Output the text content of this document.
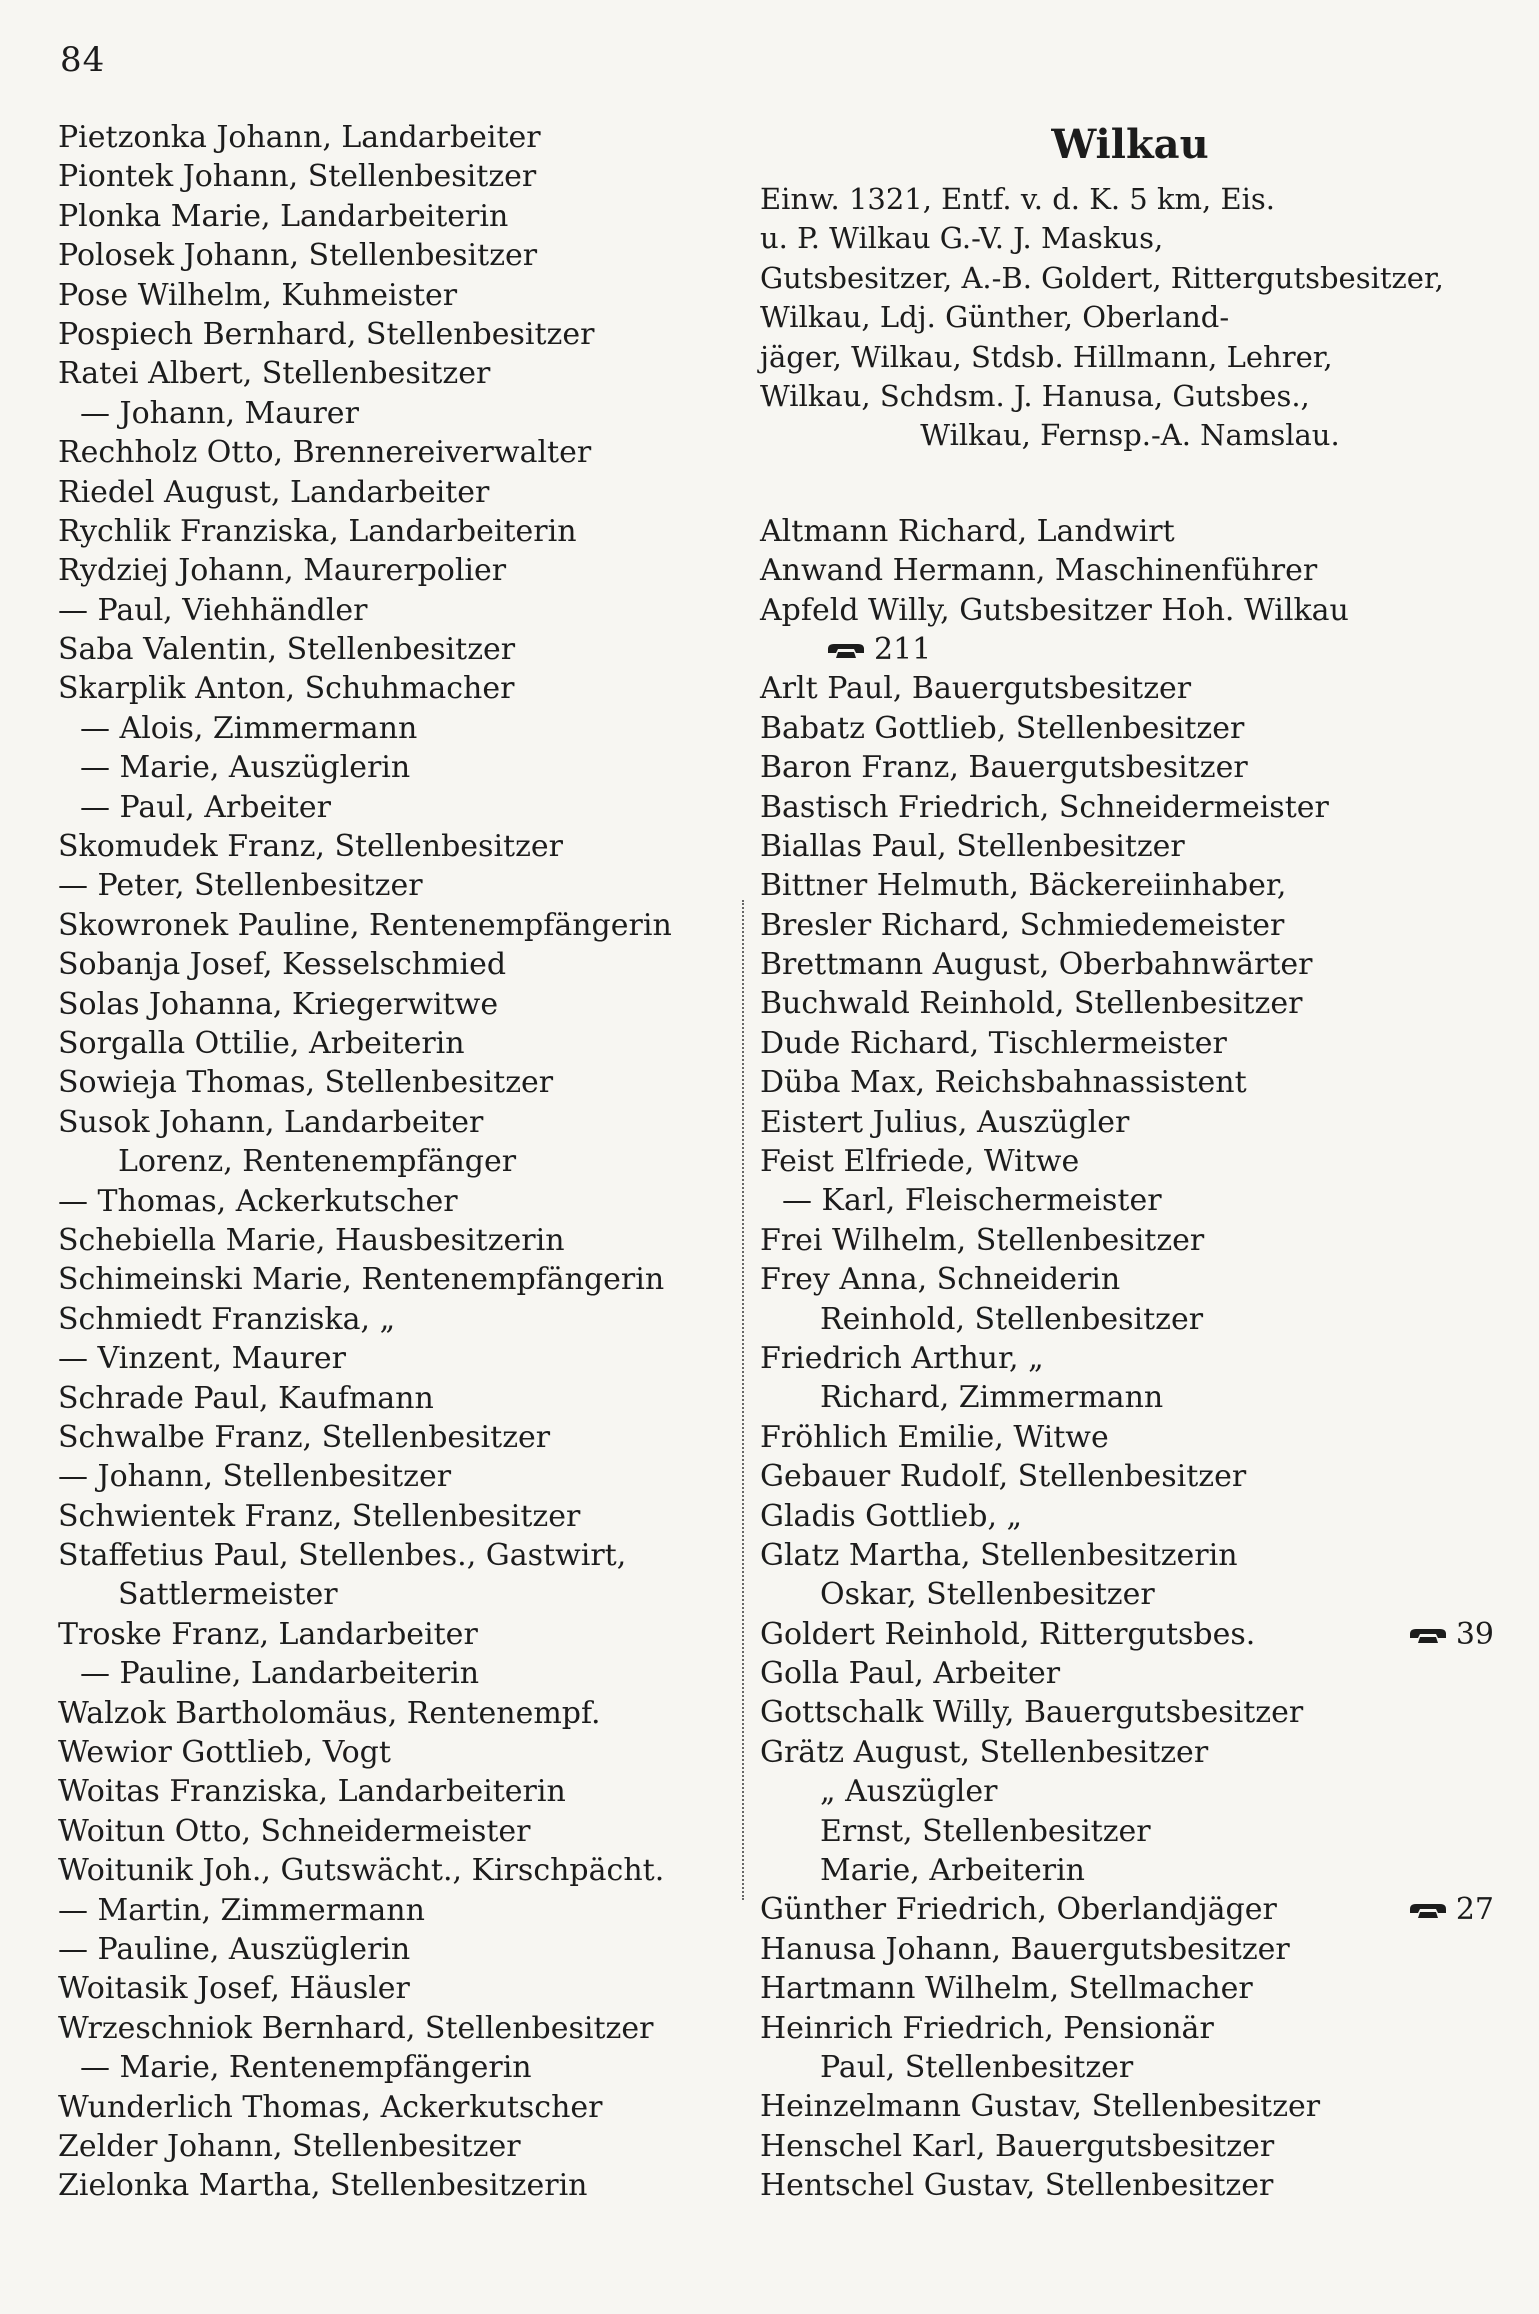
84
Pietzonka Johann, Landarbeiter
Piontek Johann, Stellenbesitzer
Plonka Marie, Landarbeiterin
Polosek Johann, Stellenbesitzer
Pose Wilhelm, Kuhmeister
Pospiech Bernhard, Stellenbesitzer
Ratei Albert, Stellenbesitzer
— Johann, Maurer
Rechholz Otto, Brennereiverwalter
Riedel August, Landarbeiter
Rychlik Franziska, Landarbeiterin
Rydziej Johann, Maurerpolier
— Paul, Viehhändler
Saba Valentin, Stellenbesitzer
Skarplik Anton, Schuhmacher
— Alois, Zimmermann
— Marie, Auszüglerin
— Paul, Arbeiter
Skomudek Franz, Stellenbesitzer
— Peter, Stellenbesitzer
Skowronek Pauline, Rentenempfängerin
Sobanja Josef, Kesselschmied
Solas Johanna, Kriegerwitwe
Sorgalla Ottilie, Arbeiterin
Sowieja Thomas, Stellenbesitzer
Susok Johann, Landarbeiter
Lorenz, Rentenempfänger
— Thomas, Ackerkutscher
Schebiella Marie, Hausbesitzerin
Schimeinski Marie, Rentenempfängerin
Schmiedt Franziska, „
— Vinzent, Maurer
Schrade Paul, Kaufmann
Schwalbe Franz, Stellenbesitzer
— Johann, Stellenbesitzer
Schwientek Franz, Stellenbesitzer
Staffetius Paul, Stellenbes., Gastwirt,
Sattlermeister
Troske Franz, Landarbeiter
— Pauline, Landarbeiterin
Walzok Bartholomäus, Rentenempf.
Wewior Gottlieb, Vogt
Woitas Franziska, Landarbeiterin
Woitun Otto, Schneidermeister
Woitunik Joh., Gutswächt., Kirschpächt.
— Martin, Zimmermann
— Pauline, Auszüglerin
Woitasik Josef, Häusler
Wrzeschniok Bernhard, Stellenbesitzer
— Marie, Rentenempfängerin
Wunderlich Thomas, Ackerkutscher
Zelder Johann, Stellenbesitzer
Zielonka Martha, Stellenbesitzerin
Wilkau
Einw. 1321, Entf. v. d. K. 5 km, Eis.
u. P. Wilkau G.-V. J. Maskus,
Gutsbesitzer, A.-B. Goldert, Rittergutsbesitzer, Wilkau, Ldj. Günther, Oberland-
jäger, Wilkau, Stdsb. Hillmann, Lehrer,
Wilkau, Schdsm. J. Hanusa, Gutsbes.,
Wilkau, Fernsp.-A. Namslau.
Altmann Richard, Landwirt
Anwand Hermann, Maschinenführer
Apfeld Willy, Gutsbesitzer Hoh. Wilkau
211
Arlt Paul, Bauergutsbesitzer
Babatz Gottlieb, Stellenbesitzer
Baron Franz, Bauergutsbesitzer
Bastisch Friedrich, Schneidermeister
Biallas Paul, Stellenbesitzer
Bittner Helmuth, Bäckereiinhaber,
Bresler Richard, Schmiedemeister
Brettmann August, Oberbahnwärter
Buchwald Reinhold, Stellenbesitzer
Dude Richard, Tischlermeister
Düba Max, Reichsbahnassistent
Eistert Julius, Auszügler
Feist Elfriede, Witwe
— Karl, Fleischermeister
Frei Wilhelm, Stellenbesitzer
Frey Anna, Schneiderin
Reinhold, Stellenbesitzer
Friedrich Arthur, „
Richard, Zimmermann
Fröhlich Emilie, Witwe
Gebauer Rudolf, Stellenbesitzer
Gladis Gottlieb, „
Glatz Martha, Stellenbesitzerin
Oskar, Stellenbesitzer
Goldert Reinhold, Rittergutsbes.	39
Golla Paul, Arbeiter
Gottschalk Willy, Bauergutsbesitzer
Grätz August, Stellenbesitzer
„ Auszügler
Ernst, Stellenbesitzer
Marie, Arbeiterin
Günther Friedrich, Oberlandjäger	27
Hanusa Johann, Bauergutsbesitzer
Hartmann Wilhelm, Stellmacher
Heinrich Friedrich, Pensionär
Paul, Stellenbesitzer
Heinzelmann Gustav, Stellenbesitzer
Henschel Karl, Bauergutsbesitzer
Hentschel Gustav, Stellenbesitzer
